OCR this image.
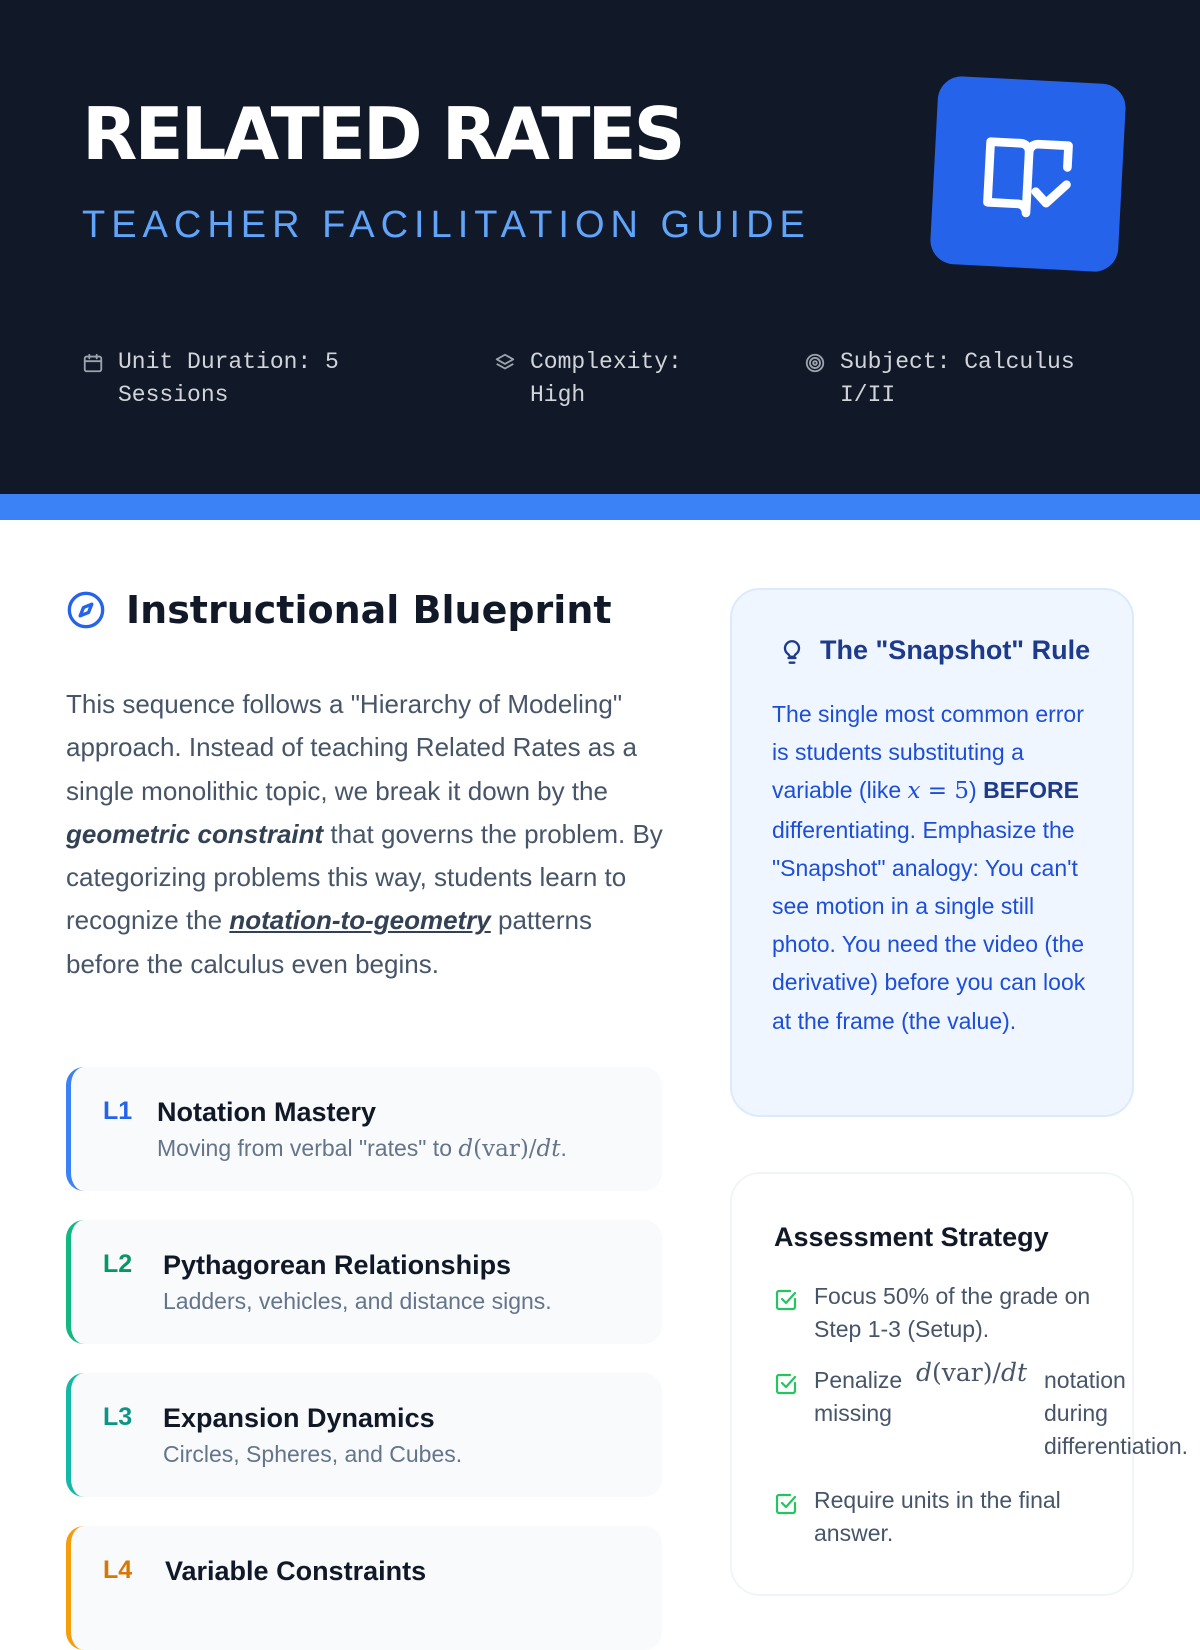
RELATED RATES
TEACHER FACILITATION GUIDE
Unit Duration: 5
Sessions
Complexity:
High
Subject: Calculus
I/II
Instructional Blueprint

This sequence follows a "Hierarchy of Modeling" approach. Instead of teaching Related Rates as a single monolithic topic, we break it down by the geometric constraint that governs the problem. By categorizing problems this way, students learn to recognize the notation-to-geometry patterns before the calculus even begins.

L1 Notation Mastery
Moving from verbal "rates" to d(var)/dt.
L2 Pythagorean Relationships
Ladders, vehicles, and distance signs.
L3 Expansion Dynamics
Circles, Spheres, and Cubes.
L4 Variable Constraints
The "Snapshot" Rule

The single most common error is students substituting a variable (like x = 5) BEFORE differentiating. Emphasize the "Snapshot" analogy: You can't see motion in a single still photo. You need the video (the derivative) before you can look at the frame (the value).

Assessment Strategy
Focus 50% of the grade on Step 1-3 (Setup).
Penalize
missing
d(var)/dt notation
during
differentiation.
Require units in the final answer.
